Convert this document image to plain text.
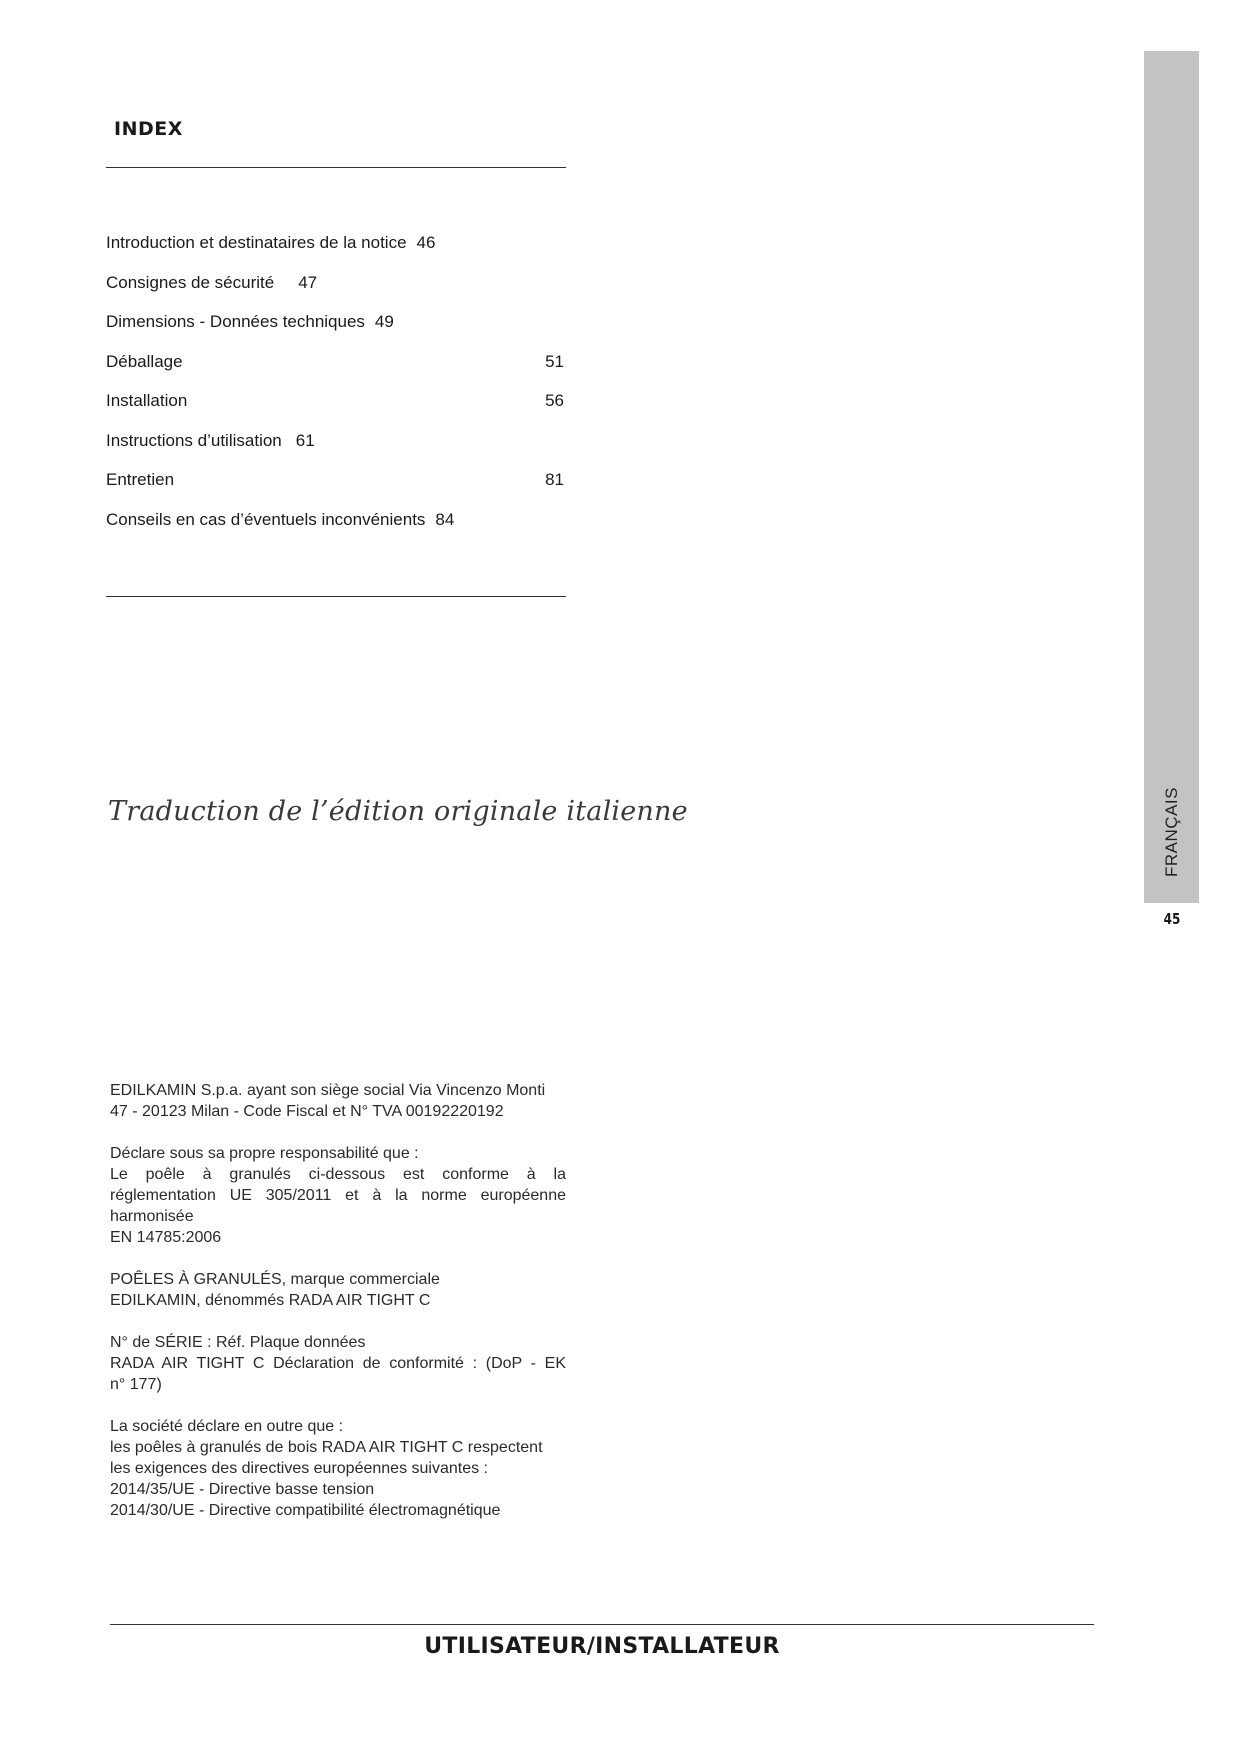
INDEX
Introduction et destinataires de la notice 46
Consignes de sécurité 47
Dimensions - Données techniques 49
Déballage	51
Installation	56
Instructions d’utilisation 61
Entretien	81
Conseils en cas d’éventuels inconvénients 84
Traduction de l’édition originale italienne

EDILKAMIN S.p.a. ayant son siège social Via Vincenzo Monti
47 - 20123 Milan - Code Fiscal et N° TVA 00192220192

Déclare sous sa propre responsabilité que :
Le poêle à granulés ci-dessous est conforme à la
réglementation UE 305/2011 et à la norme européenne
harmonisée
EN 14785:2006

POÊLES À GRANULÉS, marque commerciale
EDILKAMIN, dénommés RADA AIR TIGHT C

N° de SÉRIE : Réf. Plaque données
RADA AIR TIGHT C Déclaration de conformité : (DoP - EK
n° 177)

La société déclare en outre que :
les poêles à granulés de bois RADA AIR TIGHT C respectent
les exigences des directives européennes suivantes :
2014/35/UE - Directive basse tension
2014/30/UE - Directive compatibilité électromagnétique

FRANÇAIS
45
UTILISATEUR/INSTALLATEUR
